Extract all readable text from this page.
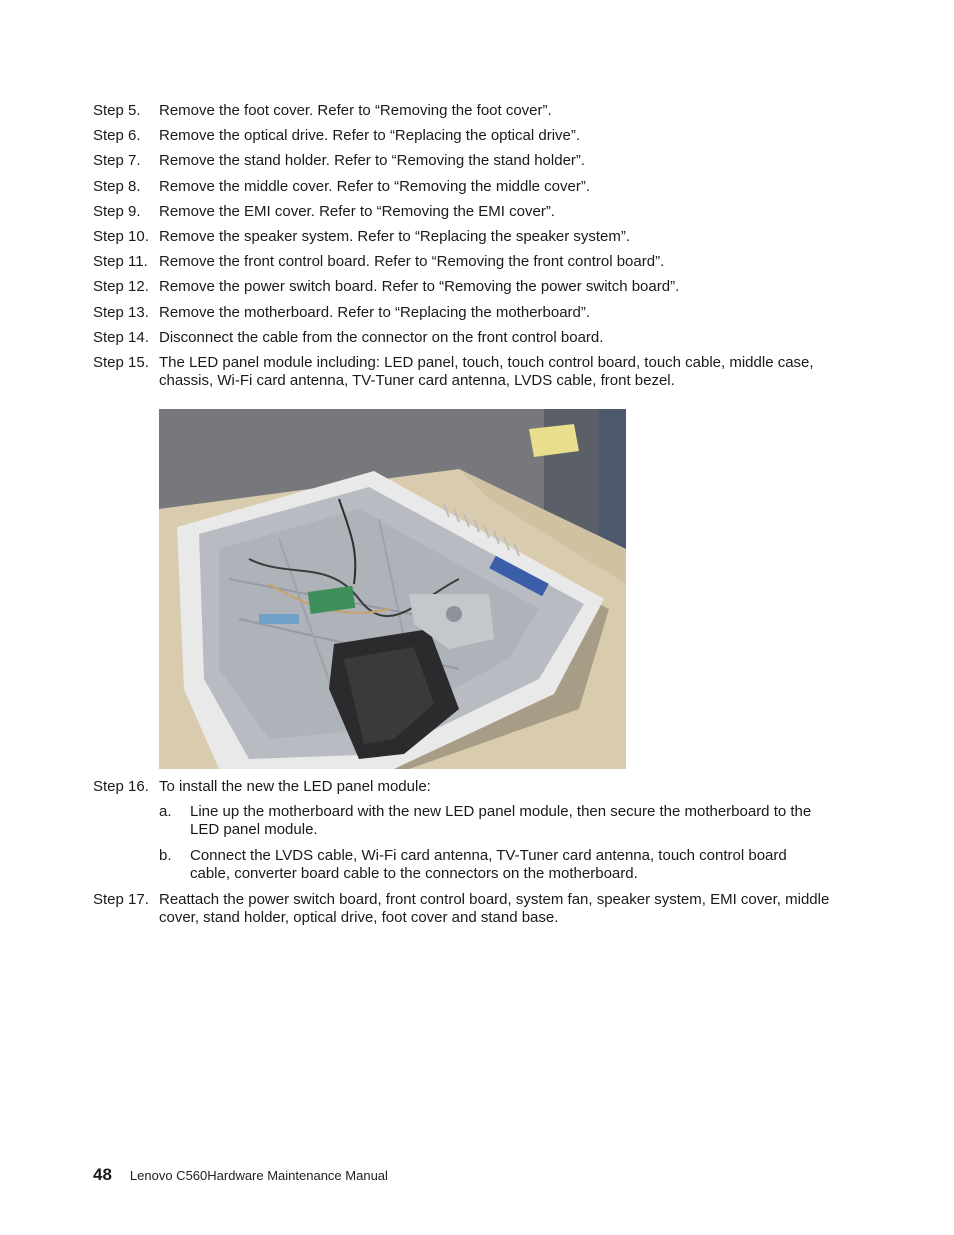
Step 5.	Remove the foot cover. Refer to “Removing the foot cover”.
Step 6.	Remove the optical drive. Refer to “Replacing the optical drive”.
Step 7.	Remove the stand holder. Refer to “Removing the stand holder”.
Step 8.	Remove the middle cover. Refer to “Removing the middle cover”.
Step 9.	Remove the EMI cover. Refer to “Removing the EMI cover”.
Step 10. Remove the speaker system. Refer to “Replacing the speaker system”.
Step 11. Remove the front control board. Refer to “Removing the front control board”.
Step 12. Remove the power switch board. Refer to “Removing the power switch board”.
Step 13. Remove the motherboard. Refer to “Replacing the motherboard”.
Step 14. Disconnect the cable from the connector on the front control board.
Step 15. The LED panel module including: LED panel, touch, touch control board, touch cable, middle case, chassis, Wi-Fi card antenna, TV-Tuner card antenna, LVDS cable, front bezel.
Step 16. To install the new the LED panel module:
a.	Line up the motherboard with the new LED panel module, then secure the motherboard to the LED panel module.
b.	Connect the LVDS cable, Wi-Fi card antenna, TV-Tuner card antenna, touch control board cable, converter board cable to the connectors on the motherboard.
Step 17. Reattach the power switch board, front control board, system fan, speaker system, EMI cover, middle cover, stand holder, optical drive, foot cover and stand base.
48 Lenovo C560Hardware Maintenance Manual
